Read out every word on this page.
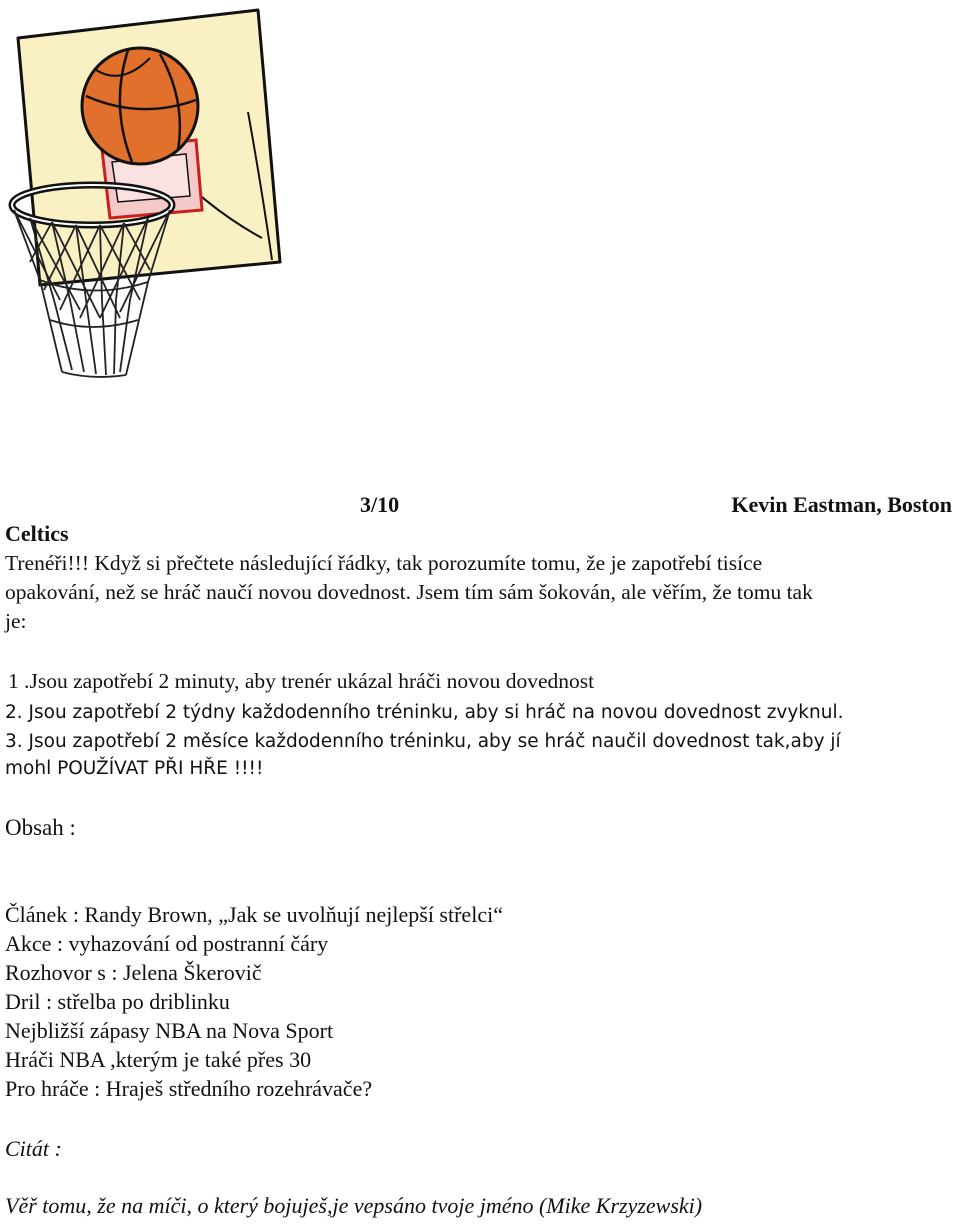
3/10	Kevin Eastman, Boston
Celtics
Trenéři!!! Když si přečtete následující řádky, tak porozumíte tomu, že je zapotřebí tisíce
opakování, než se hráč naučí novou dovednost. Jsem tím sám šokován, ale věřím, že tomu tak
je:
1 .Jsou zapotřebí 2 minuty, aby trenér ukázal hráči novou dovednost
2. Jsou zapotřebí 2 týdny každodenního tréninku, aby si hráč na novou dovednost zvyknul.
3. Jsou zapotřebí 2 měsíce každodenního tréninku, aby se hráč naučil dovednost tak,aby jí
mohl POUŽÍVAT PŘI HŘE !!!!
Obsah :
Článek : Randy Brown, „Jak se uvolňují nejlepší střelci“
Akce : vyhazování od postranní čáry
Rozhovor s : Jelena Škerovič
Dril : střelba po driblinku
Nejbližší zápasy NBA na Nova Sport
Hráči NBA ,kterým je také přes 30
Pro hráče : Hraješ středního rozehrávače?
Citát :
Věř tomu, že na míči, o který bojuješ,je vepsáno tvoje jméno (Mike Krzyzewski)
